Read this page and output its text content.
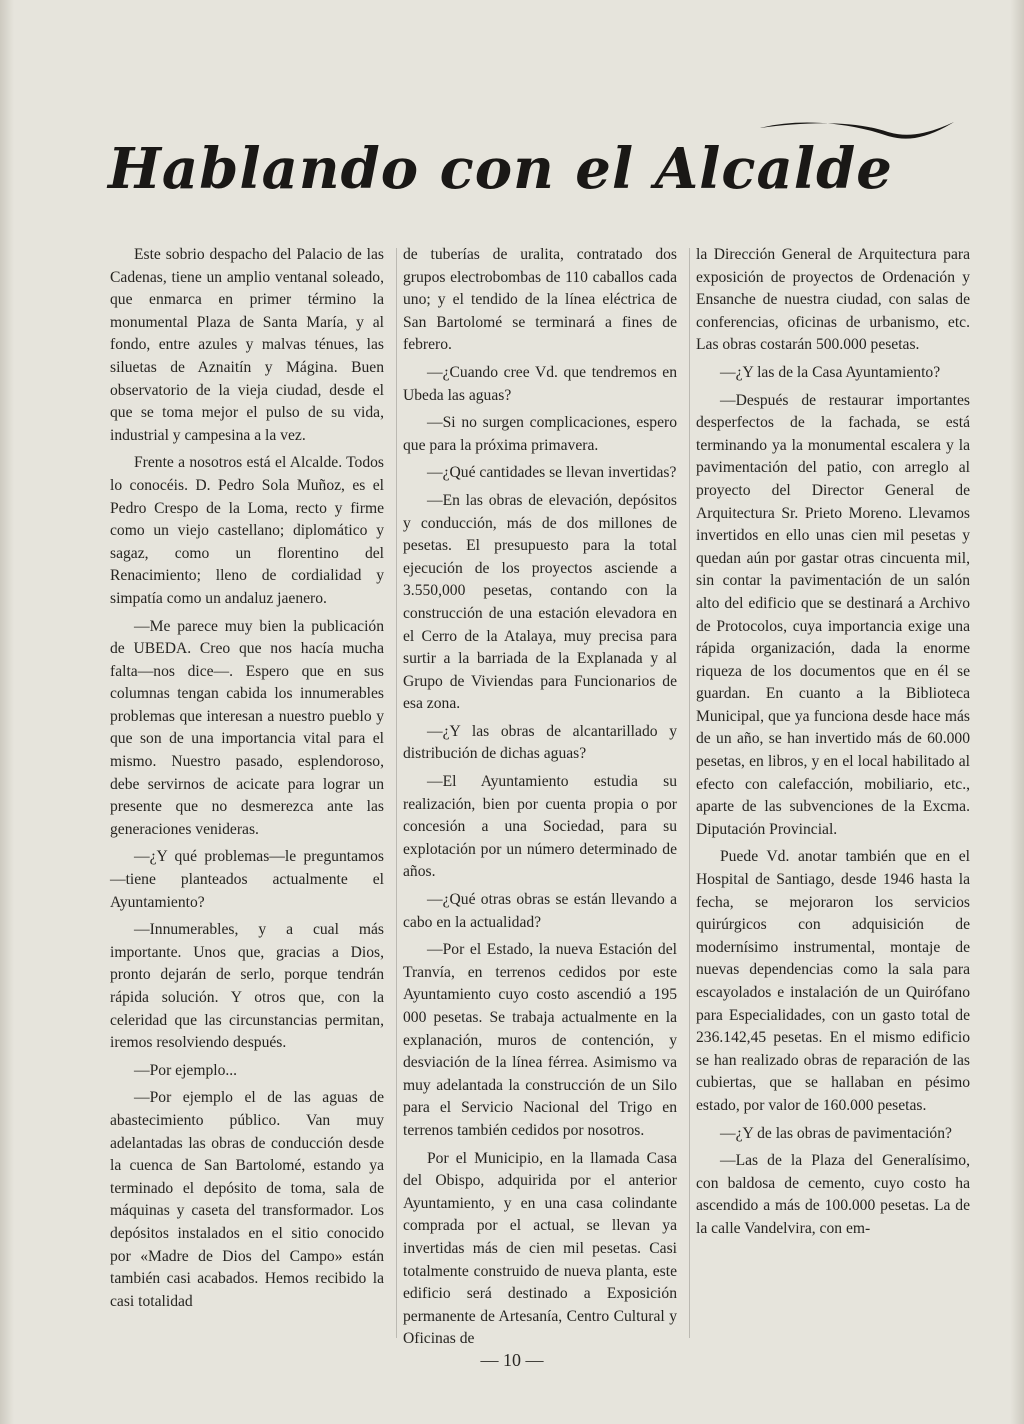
Hablando con el Alcalde

Este sobrio despacho del Palacio de las Cadenas, tiene un amplio ventanal soleado, que enmarca en primer término la monumental Plaza de Santa María, y al fondo, entre azules y malvas ténues, las siluetas de Aznaitín y Mágina. Buen observatorio de la vieja ciudad, desde el que se toma mejor el pulso de su vida, industrial y campesina a la vez.

Frente a nosotros está el Alcalde. Todos lo conocéis. D. Pedro Sola Muñoz, es el Pedro Crespo de la Loma, recto y firme como un viejo castellano; diplomático y sagaz, como un florentino del Renacimiento; lleno de cordialidad y simpatía como un andaluz jaenero.

—Me parece muy bien la publicación de UBEDA. Creo que nos hacía mucha falta—nos dice—. Espero que en sus columnas tengan cabida los innumerables problemas que interesan a nuestro pueblo y que son de una importancia vital para el mismo. Nuestro pasado, esplendoroso, debe servirnos de acicate para lograr un presente que no desmerezca ante las generaciones venideras.

—¿Y qué problemas—le preguntamos—tiene planteados actualmente el Ayuntamiento?

—Innumerables, y a cual más importante. Unos que, gracias a Dios, pronto dejarán de serlo, porque tendrán rápida solución. Y otros que, con la celeridad que las circunstancias permitan, iremos resolviendo después.

—Por ejemplo...

—Por ejemplo el de las aguas de abastecimiento público. Van muy adelantadas las obras de conducción desde la cuenca de San Bartolomé, estando ya terminado el depósito de toma, sala de máquinas y caseta del transformador. Los depósitos instalados en el sitio conocido por «Madre de Dios del Campo» están también casi acabados. Hemos recibido la casi totalidad

de tuberías de uralita, contratado dos grupos electrobombas de 110 caballos cada uno; y el tendido de la línea eléctrica de San Bartolomé se terminará a fines de febrero.

—¿Cuando cree Vd. que tendremos en Ubeda las aguas?

—Si no surgen complicaciones, espero que para la próxima primavera.

—¿Qué cantidades se llevan invertidas?

—En las obras de elevación, depósitos y conducción, más de dos millones de pesetas. El presupuesto para la total ejecución de los proyectos asciende a 3.550,000 pesetas, contando con la construcción de una estación elevadora en el Cerro de la Atalaya, muy precisa para surtir a la barriada de la Explanada y al Grupo de Viviendas para Funcionarios de esa zona.

—¿Y las obras de alcantarillado y distribución de dichas aguas?

—El Ayuntamiento estudia su realización, bien por cuenta propia o por concesión a una Sociedad, para su explotación por un número determinado de años.

—¿Qué otras obras se están llevando a cabo en la actualidad?

—Por el Estado, la nueva Estación del Tranvía, en terrenos cedidos por este Ayuntamiento cuyo costo ascendió a 195 000 pesetas. Se trabaja actualmente en la explanación, muros de contención, y desviación de la línea férrea. Asimismo va muy adelantada la construcción de un Silo para el Servicio Nacional del Trigo en terrenos también cedidos por nosotros.

Por el Municipio, en la llamada Casa del Obispo, adquirida por el anterior Ayuntamiento, y en una casa colindante comprada por el actual, se llevan ya invertidas más de cien mil pesetas. Casi totalmente construido de nueva planta, este edificio será destinado a Exposición permanente de Artesanía, Centro Cultural y Oficinas de

la Dirección General de Arquitectura para exposición de proyectos de Ordenación y Ensanche de nuestra ciudad, con salas de conferencias, oficinas de urbanismo, etc. Las obras costarán 500.000 pesetas.

—¿Y las de la Casa Ayuntamiento?

—Después de restaurar importantes desperfectos de la fachada, se está terminando ya la monumental escalera y la pavimentación del patio, con arreglo al proyecto del Director General de Arquitectura Sr. Prieto Moreno. Llevamos invertidos en ello unas cien mil pesetas y quedan aún por gastar otras cincuenta mil, sin contar la pavimentación de un salón alto del edificio que se destinará a Archivo de Protocolos, cuya importancia exige una rápida organización, dada la enorme riqueza de los documentos que en él se guardan. En cuanto a la Biblioteca Municipal, que ya funciona desde hace más de un año, se han invertido más de 60.000 pesetas, en libros, y en el local habilitado al efecto con calefacción, mobiliario, etc., aparte de las subvenciones de la Excma. Diputación Provincial.

Puede Vd. anotar también que en el Hospital de Santiago, desde 1946 hasta la fecha, se mejoraron los servicios quirúrgicos con adquisición de modernísimo instrumental, montaje de nuevas dependencias como la sala para escayolados e instalación de un Quirófano para Especialidades, con un gasto total de 236.142,45 pesetas. En el mismo edificio se han realizado obras de reparación de las cubiertas, que se hallaban en pésimo estado, por valor de 160.000 pesetas.

—¿Y de las obras de pavimentación?

—Las de la Plaza del Generalísimo, con baldosa de cemento, cuyo costo ha ascendido a más de 100.000 pesetas. La de la calle Vandelvira, con em-

— 10 —
